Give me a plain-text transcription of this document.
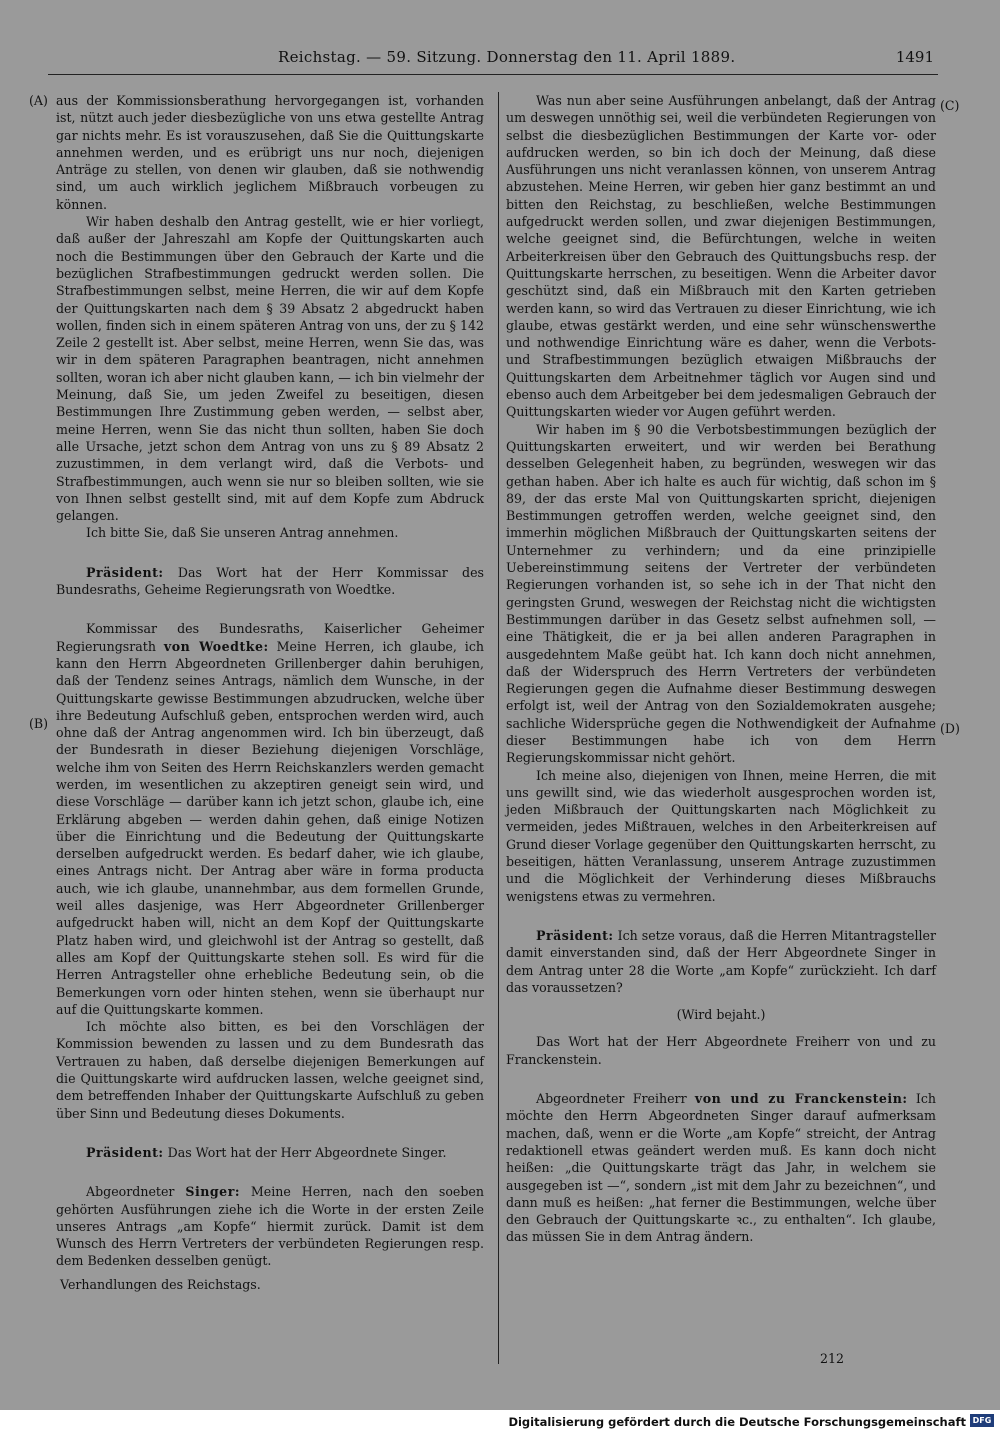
Reichstag. — 59. Sitzung. Donnerstag den 11. April 1889.	1491
(A)
(B)
(C)
(D)

aus der Kommissionsberathung hervorgegangen ist, vorhanden ist, nützt auch jeder diesbezügliche von uns etwa gestellte Antrag gar nichts mehr. Es ist vorauszusehen, daß Sie die Quittungskarte annehmen werden, und es erübrigt uns nur noch, diejenigen Anträge zu stellen, von denen wir glauben, daß sie nothwendig sind, um auch wirklich jeglichem Mißbrauch vorbeugen zu können.

Wir haben deshalb den Antrag gestellt, wie er hier vorliegt, daß außer der Jahreszahl am Kopfe der Quittungskarten auch noch die Bestimmungen über den Gebrauch der Karte und die bezüglichen Strafbestimmungen gedruckt werden sollen. Die Strafbestimmungen selbst, meine Herren, die wir auf dem Kopfe der Quittungskarten nach dem § 39 Absatz 2 abgedruckt haben wollen, finden sich in einem späteren Antrag von uns, der zu § 142 Zeile 2 gestellt ist. Aber selbst, meine Herren, wenn Sie das, was wir in dem späteren Paragraphen beantragen, nicht annehmen sollten, woran ich aber nicht glauben kann, — ich bin vielmehr der Meinung, daß Sie, um jeden Zweifel zu beseitigen, diesen Bestimmungen Ihre Zustimmung geben werden, — selbst aber, meine Herren, wenn Sie das nicht thun sollten, haben Sie doch alle Ursache, jetzt schon dem Antrag von uns zu § 89 Absatz 2 zuzustimmen, in dem verlangt wird, daß die Verbots- und Strafbestimmungen, auch wenn sie nur so bleiben sollten, wie sie von Ihnen selbst gestellt sind, mit auf dem Kopfe zum Abdruck gelangen.

Ich bitte Sie, daß Sie unseren Antrag annehmen.

Präsident: Das Wort hat der Herr Kommissar des Bundesraths, Geheime Regierungsrath von Woedtke.

Kommissar des Bundesraths, Kaiserlicher Geheimer Regierungsrath von Woedtke: Meine Herren, ich glaube, ich kann den Herrn Abgeordneten Grillenberger dahin beruhigen, daß der Tendenz seines Antrags, nämlich dem Wunsche, in der Quittungskarte gewisse Bestimmungen abzudrucken, welche über ihre Bedeutung Aufschluß geben, entsprochen werden wird, auch ohne daß der Antrag angenommen wird. Ich bin überzeugt, daß der Bundesrath in dieser Beziehung diejenigen Vorschläge, welche ihm von Seiten des Herrn Reichskanzlers werden gemacht werden, im wesentlichen zu akzeptiren geneigt sein wird, und diese Vorschläge — darüber kann ich jetzt schon, glaube ich, eine Erklärung abgeben — werden dahin gehen, daß einige Notizen über die Einrichtung und die Bedeutung der Quittungskarte derselben aufgedruckt werden. Es bedarf daher, wie ich glaube, eines Antrags nicht. Der Antrag aber wäre in forma producta auch, wie ich glaube, unannehmbar, aus dem formellen Grunde, weil alles dasjenige, was Herr Abgeordneter Grillenberger aufgedruckt haben will, nicht an dem Kopf der Quittungskarte Platz haben wird, und gleichwohl ist der Antrag so gestellt, daß alles am Kopf der Quittungskarte stehen soll. Es wird für die Herren Antragsteller ohne erhebliche Bedeutung sein, ob die Bemerkungen vorn oder hinten stehen, wenn sie überhaupt nur auf die Quittungskarte kommen.

Ich möchte also bitten, es bei den Vorschlägen der Kommission bewenden zu lassen und zu dem Bundesrath das Vertrauen zu haben, daß derselbe diejenigen Bemerkungen auf die Quittungskarte wird aufdrucken lassen, welche geeignet sind, dem betreffenden Inhaber der Quittungskarte Aufschluß zu geben über Sinn und Bedeutung dieses Dokuments.

Präsident: Das Wort hat der Herr Abgeordnete Singer.

Abgeordneter Singer: Meine Herren, nach den soeben gehörten Ausführungen ziehe ich die Worte in der ersten Zeile unseres Antrags „am Kopfe“ hiermit zurück. Damit ist dem Wunsch des Herrn Vertreters der verbündeten Regierungen resp. dem Bedenken desselben genügt.

Verhandlungen des Reichstags.

Was nun aber seine Ausführungen anbelangt, daß der Antrag um deswegen unnöthig sei, weil die verbündeten Regierungen von selbst die diesbezüglichen Bestimmungen der Karte vor- oder aufdrucken werden, so bin ich doch der Meinung, daß diese Ausführungen uns nicht veranlassen können, von unserem Antrag abzustehen. Meine Herren, wir geben hier ganz bestimmt an und bitten den Reichstag, zu beschließen, welche Bestimmungen aufgedruckt werden sollen, und zwar diejenigen Bestimmungen, welche geeignet sind, die Befürchtungen, welche in weiten Arbeiterkreisen über den Gebrauch des Quittungsbuchs resp. der Quittungskarte herrschen, zu beseitigen. Wenn die Arbeiter davor geschützt sind, daß ein Mißbrauch mit den Karten getrieben werden kann, so wird das Vertrauen zu dieser Einrichtung, wie ich glaube, etwas gestärkt werden, und eine sehr wünschenswerthe und nothwendige Einrichtung wäre es daher, wenn die Verbots- und Strafbestimmungen bezüglich etwaigen Mißbrauchs der Quittungskarten dem Arbeitnehmer täglich vor Augen sind und ebenso auch dem Arbeitgeber bei dem jedesmaligen Gebrauch der Quittungskarten wieder vor Augen geführt werden.

Wir haben im § 90 die Verbotsbestimmungen bezüglich der Quittungskarten erweitert, und wir werden bei Berathung desselben Gelegenheit haben, zu begründen, weswegen wir das gethan haben. Aber ich halte es auch für wichtig, daß schon im § 89, der das erste Mal von Quittungskarten spricht, diejenigen Bestimmungen getroffen werden, welche geeignet sind, den immerhin möglichen Mißbrauch der Quittungskarten seitens der Unternehmer zu verhindern; und da eine prinzipielle Uebereinstimmung seitens der Vertreter der verbündeten Regierungen vorhanden ist, so sehe ich in der That nicht den geringsten Grund, weswegen der Reichstag nicht die wichtigsten Bestimmungen darüber in das Gesetz selbst aufnehmen soll, — eine Thätigkeit, die er ja bei allen anderen Paragraphen in ausgedehntem Maße geübt hat. Ich kann doch nicht annehmen, daß der Widerspruch des Herrn Vertreters der verbündeten Regierungen gegen die Aufnahme dieser Bestimmung deswegen erfolgt ist, weil der Antrag von den Sozialdemokraten ausgehe; sachliche Widersprüche gegen die Nothwendigkeit der Aufnahme dieser Bestimmungen habe ich von dem Herrn Regierungskommissar nicht gehört.

Ich meine also, diejenigen von Ihnen, meine Herren, die mit uns gewillt sind, wie das wiederholt ausgesprochen worden ist, jeden Mißbrauch der Quittungskarten nach Möglichkeit zu vermeiden, jedes Mißtrauen, welches in den Arbeiterkreisen auf Grund dieser Vorlage gegenüber den Quittungskarten herrscht, zu beseitigen, hätten Veranlassung, unserem Antrage zuzustimmen und die Möglichkeit der Verhinderung dieses Mißbrauchs wenigstens etwas zu vermehren.

Präsident: Ich setze voraus, daß die Herren Mitantragsteller damit einverstanden sind, daß der Herr Abgeordnete Singer in dem Antrag unter 28 die Worte „am Kopfe“ zurückzieht. Ich darf das voraussetzen?

(Wird bejaht.)

Das Wort hat der Herr Abgeordnete Freiherr von und zu Franckenstein.

Abgeordneter Freiherr von und zu Franckenstein: Ich möchte den Herrn Abgeordneten Singer darauf aufmerksam machen, daß, wenn er die Worte „am Kopfe“ streicht, der Antrag redaktionell etwas geändert werden muß. Es kann doch nicht heißen: „die Quittungskarte trägt das Jahr, in welchem sie ausgegeben ist —“, sondern „ist mit dem Jahr zu bezeichnen“, und dann muß es heißen: „hat ferner die Bestimmungen, welche über den Gebrauch der Quittungskarte ꝛc., zu enthalten“. Ich glaube, das müssen Sie in dem Antrag ändern.

212
Digitalisierung gefördert durch die Deutsche Forschungsgemeinschaft DFG
